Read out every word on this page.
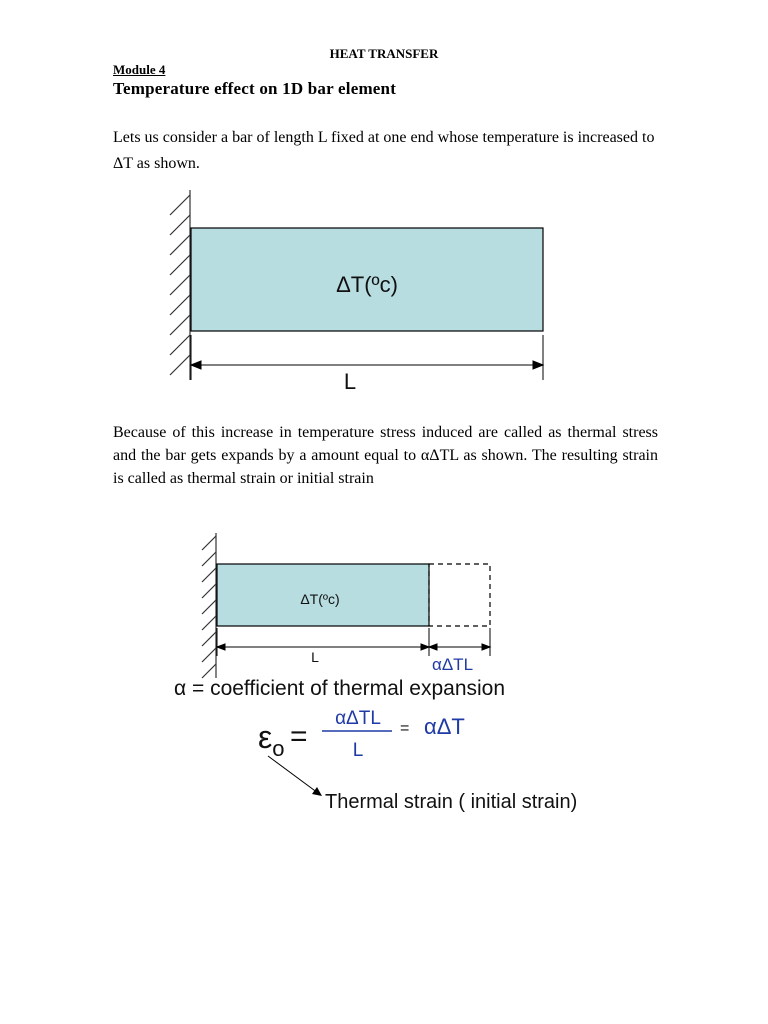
HEAT TRANSFER
Module 4
Temperature effect on 1D bar element
Lets us consider a bar of length L fixed at one end whose temperature is increased to ΔT as shown.
ΔT(ºc)
L
Because of this increase in temperature stress induced are called as thermal stress and the bar gets expands by a amount equal to αΔTL as shown. The resulting strain is called as thermal strain or initial strain
ΔT(ºc)
L	αΔTL
α = coefficient of thermal expansion
$\varepsilon_o$ =
αΔTL
L
= αΔT
Thermal strain ( initial strain)
